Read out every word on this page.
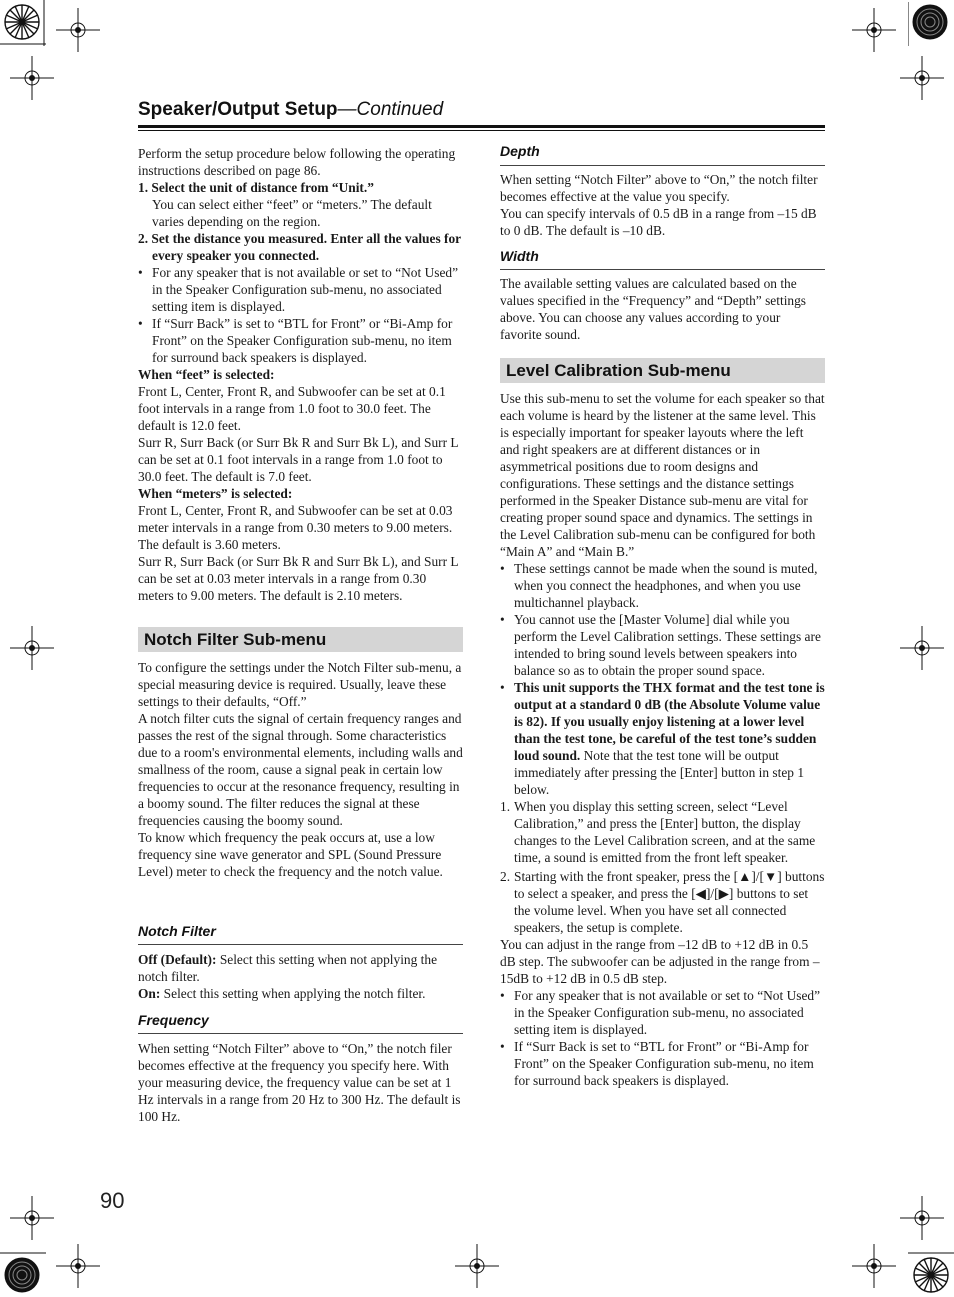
Speaker/Output Setup—Continued

Perform the setup procedure below following the operating instructions described on page 86.

1. Select the unit of distance from “Unit.”

You can select either “feet” or “meters.” The default varies depending on the region.

2. Set the distance you measured. Enter all the values for every speaker you connected.

• For any speaker that is not available or set to “Not Used” in the Speaker Configuration sub-menu, no associated setting item is displayed.

• If “Surr Back” is set to “BTL for Front” or “Bi-Amp for Front” on the Speaker Configuration sub-menu, no item for surround back speakers is displayed.

When “feet” is selected:

Front L, Center, Front R, and Subwoofer can be set at 0.1 foot intervals in a range from 1.0 foot to 30.0 feet. The default is 12.0 feet.

Surr R, Surr Back (or Surr Bk R and Surr Bk L), and Surr L can be set at 0.1 foot intervals in a range from 1.0 foot to 30.0 feet. The default is 7.0 feet.

When “meters” is selected:

Front L, Center, Front R, and Subwoofer can be set at 0.03 meter intervals in a range from 0.30 meters to 9.00 meters. The default is 3.60 meters.

Surr R, Surr Back (or Surr Bk R and Surr Bk L), and Surr L can be set at 0.03 meter intervals in a range from 0.30 meters to 9.00 meters. The default is 2.10 meters.

Notch Filter Sub-menu

To configure the settings under the Notch Filter sub-menu, a special measuring device is required. Usually, leave these settings to their defaults, “Off.”

A notch filter cuts the signal of certain frequency ranges and passes the rest of the signal through. Some characteristics due to a room's environmental elements, including walls and smallness of the room, cause a signal peak in certain low frequencies to occur at the resonance frequency, resulting in a boomy sound. The filter reduces the signal at these frequencies causing the boomy sound.

To know which frequency the peak occurs at, use a low frequency sine wave generator and SPL (Sound Pressure Level) meter to check the frequency and the notch value.

Notch Filter

Off (Default): Select this setting when not applying the notch filter.

On: Select this setting when applying the notch filter.

Frequency

When setting “Notch Filter” above to “On,” the notch filer becomes effective at the frequency you specify here. With your measuring device, the frequency value can be set at 1 Hz intervals in a range from 20 Hz to 300 Hz. The default is 100 Hz.

Depth

When setting “Notch Filter” above to “On,” the notch filter becomes effective at the value you specify.

You can specify intervals of 0.5 dB in a range from –15 dB to 0 dB. The default is –10 dB.

Width

The available setting values are calculated based on the values specified in the “Frequency” and “Depth” settings above. You can choose any values according to your favorite sound.

Level Calibration Sub-menu

Use this sub-menu to set the volume for each speaker so that each volume is heard by the listener at the same level. This is especially important for speaker layouts where the left and right speakers are at different distances or in asymmetrical positions due to room designs and configurations. These settings and the distance settings performed in the Speaker Distance sub-menu are vital for creating proper sound space and dynamics. The settings in the Level Calibration sub-menu can be configured for both “Main A” and “Main B.”

• These settings cannot be made when the sound is muted, when you connect the headphones, and when you use multichannel playback.

• You cannot use the [Master Volume] dial while you perform the Level Calibration settings. These settings are intended to bring sound levels between speakers into balance so as to obtain the proper sound space.

• This unit supports the THX format and the test tone is output at a standard 0 dB (the Absolute Volume value is 82). If you usually enjoy listening at a lower level than the test tone, be careful of the test tone’s sudden loud sound. Note that the test tone will be output immediately after pressing the [Enter] button in step 1 below.

1. When you display this setting screen, select “Level Calibration,” and press the [Enter] button, the display changes to the Level Calibration screen, and at the same time, a sound is emitted from the front left speaker.

2. Starting with the front speaker, press the [▲]/[▼] buttons to select a speaker, and press the [◀]/[▶] buttons to set the volume level. When you have set all connected speakers, the setup is complete.

You can adjust in the range from –12 dB to +12 dB in 0.5 dB step. The subwoofer can be adjusted in the range from –15dB to +12 dB in 0.5 dB step.

• For any speaker that is not available or set to “Not Used” in the Speaker Configuration sub-menu, no associated setting item is displayed.

• If “Surr Back is set to “BTL for Front” or “Bi-Amp for Front” on the Speaker Configuration sub-menu, no item for surround back speakers is displayed.

90
